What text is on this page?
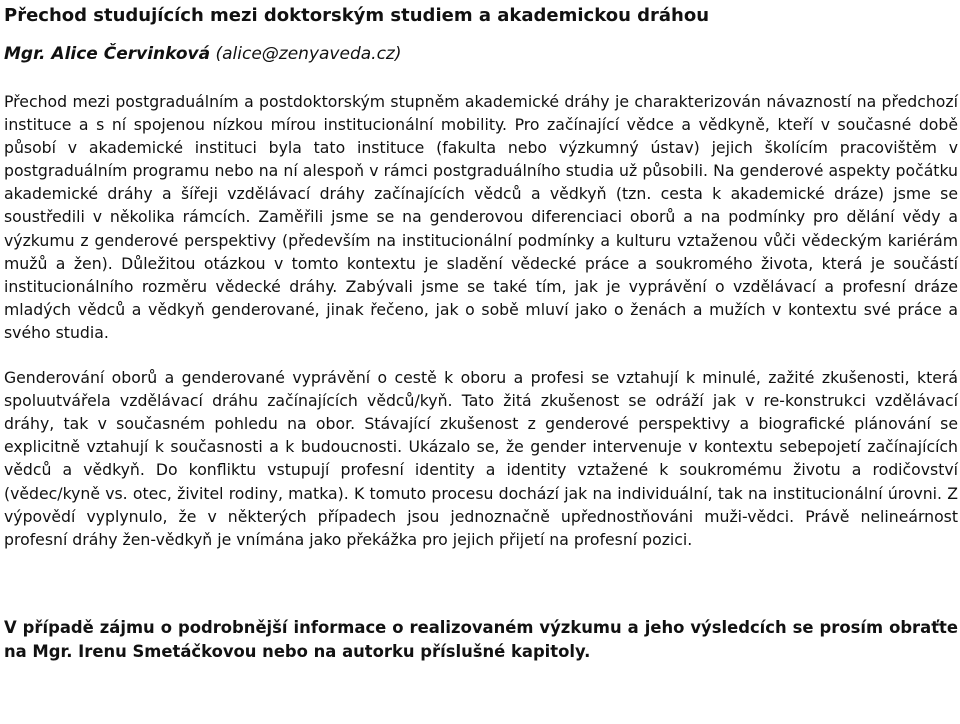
Přechod studujících mezi doktorským studiem a akademickou dráhou
Mgr. Alice Červinková (alice@zenyaveda.cz)

Přechod mezi postgraduálním a postdoktorským stupněm akademické dráhy je charakterizován návazností na předchozí instituce a s ní spojenou nízkou mírou institucionální mobility. Pro začínající vědce a vědkyně, kteří v současné době působí v akademické instituci byla tato instituce (fakulta nebo výzkumný ústav) jejich školícím pracovištěm v postgraduálním programu nebo na ní alespoň v rámci postgraduálního studia už působili. Na genderové aspekty počátku akademické dráhy a šířeji vzdělávací dráhy začínajících vědců a vědkyň (tzn. cesta k akademické dráze) jsme se soustředili v několika rámcích. Zaměřili jsme se na genderovou diferenciaci oborů a na podmínky pro dělání vědy a výzkumu z genderové perspektivy (především na institucionální podmínky a kulturu vztaženou vůči vědeckým kariérám mužů a žen). Důležitou otázkou v tomto kontextu je sladění vědecké práce a soukromého života, která je součástí institucionálního rozměru vědecké dráhy. Zabývali jsme se také tím, jak je vyprávění o vzdělávací a profesní dráze mladých vědců a vědkyň genderované, jinak řečeno, jak o sobě mluví jako o ženách a mužích v kontextu své práce a svého studia.

Genderování oborů a genderované vyprávění o cestě k oboru a profesi se vztahují k minulé, zažité zkušenosti, která spoluutvářela vzdělávací dráhu začínajících vědců/kyň. Tato žitá zkušenost se odráží jak v re-konstrukci vzdělávací dráhy, tak v současném pohledu na obor. Stávající zkušenost z genderové perspektivy a biografické plánování se explicitně vztahují k současnosti a k budoucnosti. Ukázalo se, že gender intervenuje v kontextu sebepojetí začínajících vědců a vědkyň. Do konfliktu vstupují profesní identity a identity vztažené k soukromému životu a rodičovství (vědec/kyně vs. otec, živitel rodiny, matka). K tomuto procesu dochází jak na individuální, tak na institucionální úrovni. Z výpovědí vyplynulo, že v některých případech jsou jednoznačně upřednostňováni muži-vědci. Právě nelineárnost profesní dráhy žen-vědkyň je vnímána jako překážka pro jejich přijetí na profesní pozici.

V případě zájmu o podrobnější informace o realizovaném výzkumu a jeho výsledcích se prosím obraťte na Mgr. Irenu Smetáčkovou nebo na autorku příslušné kapitoly.
